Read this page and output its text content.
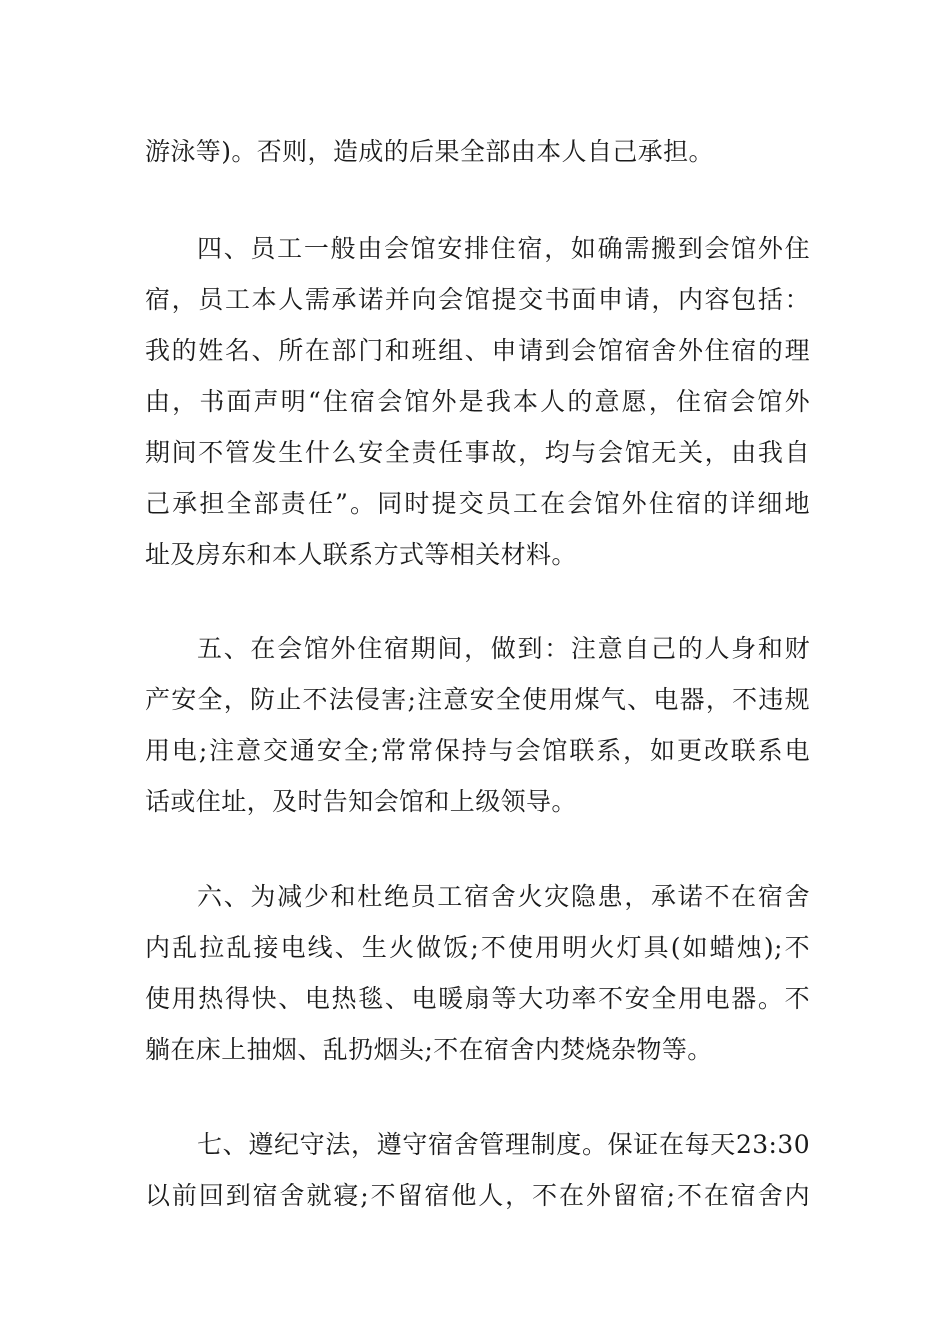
游泳等)。否则，造成的后果全部由本人自己承担。
四、员工一般由会馆安排住宿，如确需搬到会馆外住
宿，员工本人需承诺并向会馆提交书面申请，内容包括：
我的姓名、所在部门和班组、申请到会馆宿舍外住宿的理
由，书面声明“住宿会馆外是我本人的意愿，住宿会馆外
期间不管发生什么安全责任事故，均与会馆无关，由我自
己承担全部责任”。同时提交员工在会馆外住宿的详细地
址及房东和本人联系方式等相关材料。
五、在会馆外住宿期间，做到：注意自己的人身和财
产安全，防止不法侵害;注意安全使用煤气、电器，不违规
用电;注意交通安全;常常保持与会馆联系，如更改联系电
话或住址，及时告知会馆和上级领导。
六、为减少和杜绝员工宿舍火灾隐患，承诺不在宿舍
内乱拉乱接电线、生火做饭;不使用明火灯具(如蜡烛);不
使用热得快、电热毯、电暖扇等大功率不安全用电器。不
躺在床上抽烟、乱扔烟头;不在宿舍内焚烧杂物等。
七、遵纪守法，遵守宿舍管理制度。保证在每天23:30
以前回到宿舍就寝;不留宿他人，不在外留宿;不在宿舍内
